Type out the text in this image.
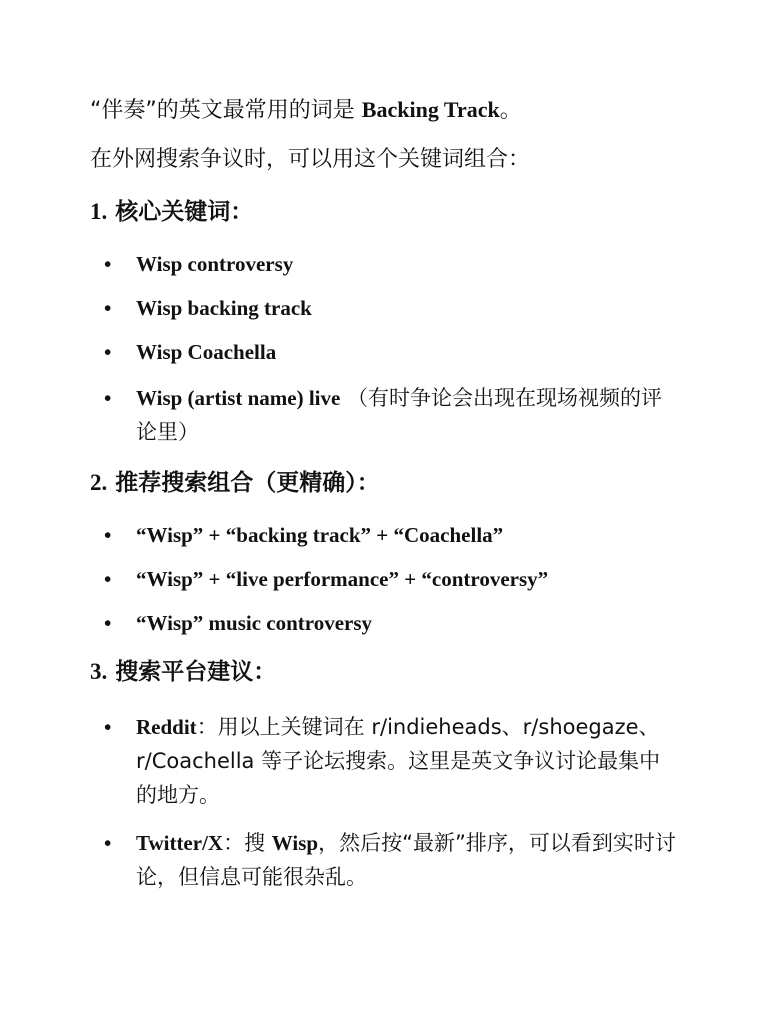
“伴奏”的英文最常用的词是 Backing Track。
在外网搜索争议时，可以用这个关键词组合：
1. 核心关键词：
• Wisp controversy
• Wisp backing track
• Wisp Coachella
• Wisp (artist name) live （有时争论会出现在现场视频的评论里）
2. 推荐搜索组合（更精确）：
• “Wisp” + “backing track” + “Coachella”
• “Wisp” + “live performance” + “controversy”
• “Wisp” music controversy
3. 搜索平台建议：
• Reddit：用以上关键词在 r/indieheads、r/shoegaze、r/Coachella 等子论坛搜索。这里是英文争议讨论最集中的地方。
• Twitter/X：搜 Wisp，然后按“最新”排序，可以看到实时讨论，但信息可能很杂乱。
